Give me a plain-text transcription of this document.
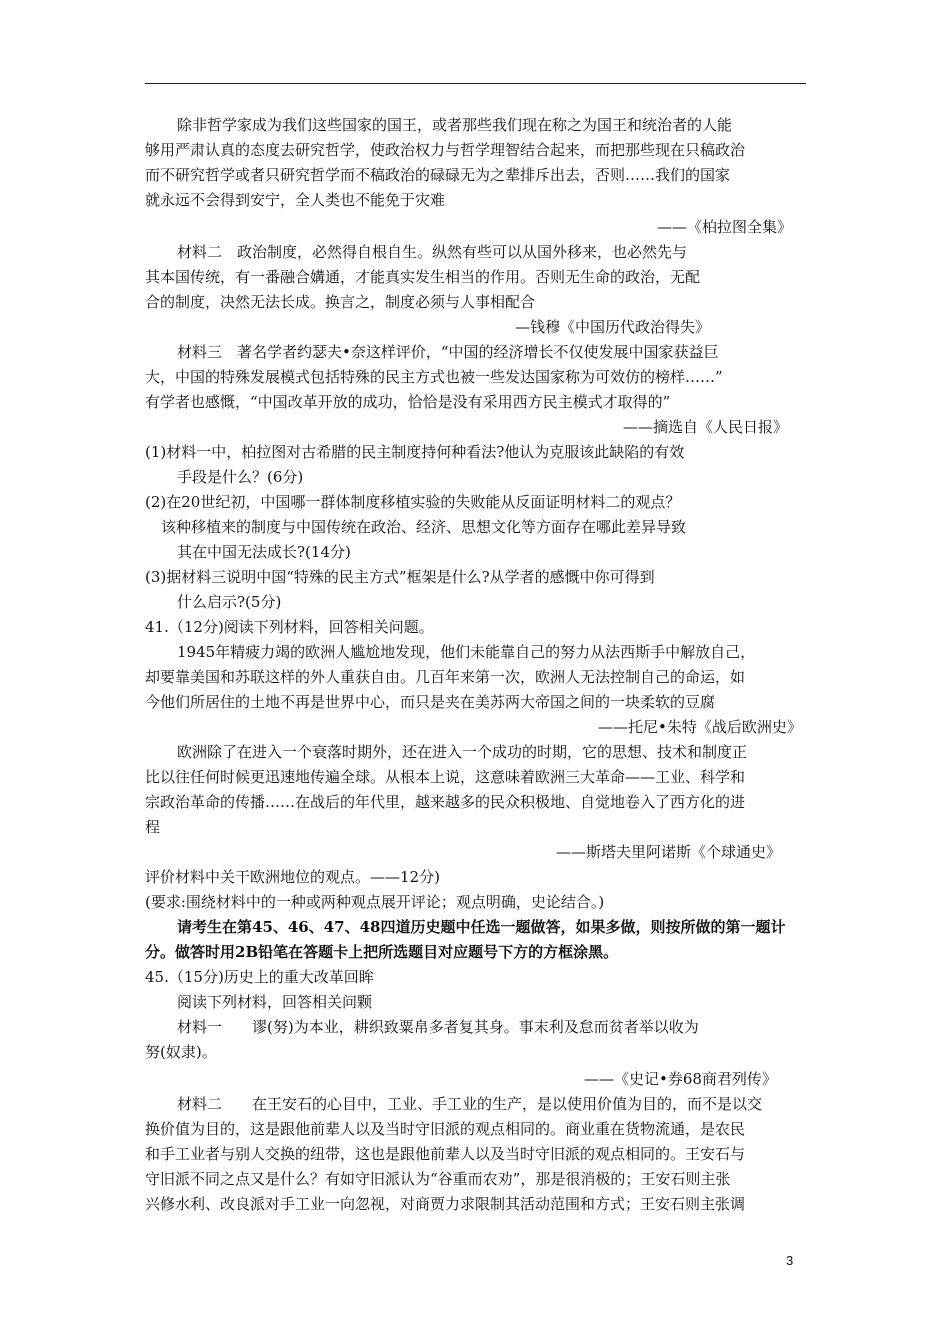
除非哲学家成为我们这些国家的国王，或者那些我们现在称之为国王和统治者的人能
够用严肃认真的态度去研究哲学，使政治权力与哲学理智结合起来，而把那些现在只稿政治
而不研究哲学或者只研究哲学而不稿政治的碌碌无为之辈排斥出去，否则……我们的国家
就永远不会得到安宁，全人类也不能免于灾难
——《柏拉图全集》
材料二　政治制度，必然得自根自生。纵然有些可以从国外移来，也必然先与
其本国传统，有一番融合媾通，才能真实发生相当的作用。否则无生命的政治，无配
合的制度，决然无法长成。换言之，制度必须与人事相配合
—钱穆《中国历代政治得失》
材料三　著名学者约瑟夫•奈这样评价，“中国的经济增长不仅使发展中国家获益巨
大，中国的特殊发展模式包括特殊的民主方式也被一些发达国家称为可效仿的榜样……”
有学者也感慨，“中国改革开放的成功，恰恰是没有采用西方民主模式才取得的”
——摘选自《人民日报》
(1)材料一中，柏拉图对古希腊的民主制度持何种看法?他认为克服该此缺陷的有效
手段是什么？(6分)
(2)在20世纪初，中国哪一群体制度移植实验的失败能从反面证明材料二的观点？
该种移植来的制度与中国传统在政治、经济、思想文化等方面存在哪此差异导致
其在中国无法成长?(14分)
(3)据材料三说明中国“特殊的民主方式”框架是什么?从学者的感慨中你可得到
什么启示?(5分)
41.（12分)阅读下列材料，回答相关问题。
1945年精疲力竭的欧洲人尴尬地发现，他们未能靠自己的努力从法西斯手中解放自己，
却要靠美国和苏联这样的外人重获自由。几百年来第一次，欧洲人无法控制自己的命运，如
今他们所居住的土地不再是世界中心，而只是夹在美苏两大帝国之间的一块柔软的豆腐
——托尼•朱特《战后欧洲史》
欧洲除了在进入一个衰落时期外，还在进入一个成功的时期，它的思想、技术和制度正
比以往任何时候更迅速地传遍全球。从根本上说，这意味着欧洲三大革命——工业、科学和
宗政治革命的传播……在战后的年代里，越来越多的民众积极地、自觉地卷入了西方化的进
程
——斯塔夫里阿诺斯《个球通史》
评价材料中关干欧洲地位的观点。——12分)
(要求:围绕材料中的一种或两种观点展开评论；观点明确，史论结合。)
请考生在第45、46、47、48四道历史题中任选一题做答，如果多做，则按所做的第一题计
分。做答时用2B铅笔在答题卡上把所选题目对应题号下方的方框涂黑。
45.（15分)历史上的重大改革回眸
阅读下列材料，回答相关问颗
材料一　　谬(努)为本业，耕织致粟帛多者复其身。事末利及怠而贫者举以收为
努(奴隶)。
——《史记•券68商君列传》
材料二　　在王安石的心目中，工业、手工业的生产，是以使用价值为目的，而不是以交
换价值为目的，这是跟他前辈人以及当时守旧派的观点相同的。商业重在货物流通，是农民
和手工业者与别人交换的纽带，这也是跟他前辈人以及当时守旧派的观点相同的。王安石与
守旧派不同之点又是什么？有如守旧派认为“谷重而农劝”，那是很消极的；王安石则主张
兴修水利、改良派对手工业一向忽视，对商贾力求限制其活动范围和方式；王安石则主张调
3
